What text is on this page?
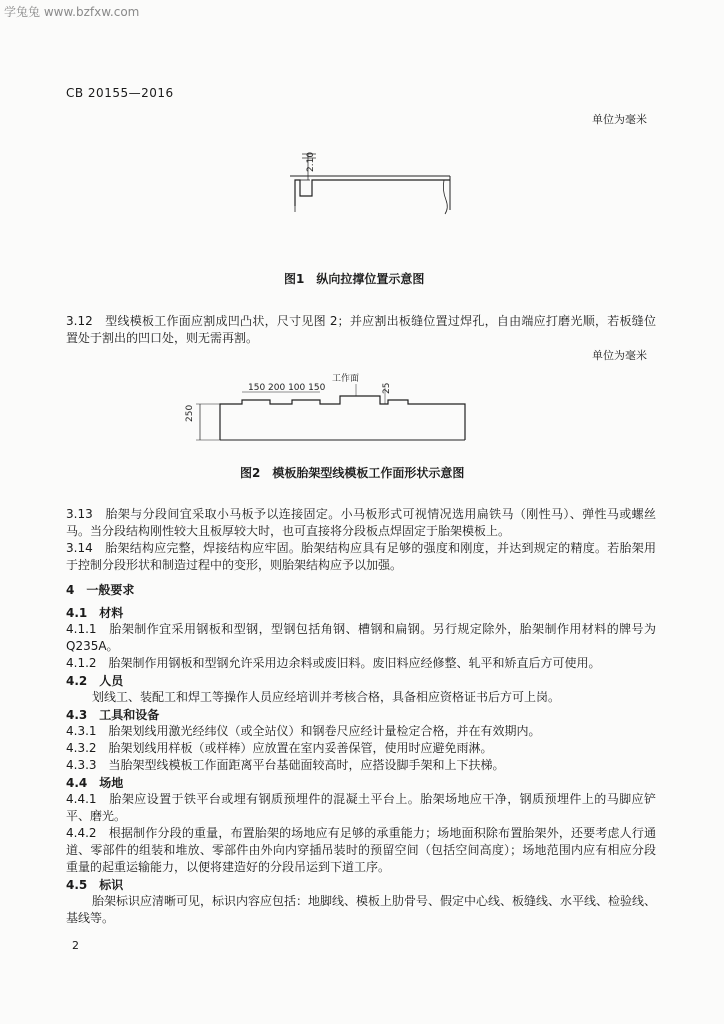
学兔兔 www.bzfxw.com
CB 20155—2016
单位为毫米
2.10
图1　纵向拉撑位置示意图
3.12　型线模板工作面应割成凹凸状，尺寸见图 2；并应割出板缝位置过焊孔，自由端应打磨光顺，若板缝位置处于割出的凹口处，则无需再割。
单位为毫米
150 200 100 150
工作面
25
250
图2　模板胎架型线模板工作面形状示意图
3.13　胎架与分段间宜采取小马板予以连接固定。小马板形式可视情况选用扁铁马（刚性马）、弹性马或螺丝马。当分段结构刚性较大且板厚较大时，也可直接将分段板点焊固定于胎架模板上。
3.14　胎架结构应完整，焊接结构应牢固。胎架结构应具有足够的强度和刚度，并达到规定的精度。若胎架用于控制分段形状和制造过程中的变形，则胎架结构应予以加强。
4　一般要求
4.1　材料
4.1.1　胎架制作宜采用钢板和型钢，型钢包括角钢、槽钢和扁钢。另行规定除外，胎架制作用材料的牌号为 Q235A。
4.1.2　胎架制作用钢板和型钢允许采用边余料或废旧料。废旧料应经修整、轧平和矫直后方可使用。
4.2　人员
划线工、装配工和焊工等操作人员应经培训并考核合格，具备相应资格证书后方可上岗。
4.3　工具和设备
4.3.1　胎架划线用激光经纬仪（或全站仪）和钢卷尺应经计量检定合格，并在有效期内。
4.3.2　胎架划线用样板（或样棒）应放置在室内妥善保管，使用时应避免雨淋。
4.3.3　当胎架型线模板工作面距离平台基础面较高时，应搭设脚手架和上下扶梯。
4.4　场地
4.4.1　胎架应设置于铁平台或埋有钢质预埋件的混凝土平台上。胎架场地应干净，钢质预埋件上的马脚应铲平、磨光。
4.4.2　根据制作分段的重量，布置胎架的场地应有足够的承重能力；场地面积除布置胎架外，还要考虑人行通道、零部件的组装和堆放、零部件由外向内穿插吊装时的预留空间（包括空间高度）；场地范围内应有相应分段重量的起重运输能力，以便将建造好的分段吊运到下道工序。
4.5　标识
胎架标识应清晰可见，标识内容应包括：地脚线、模板上肋骨号、假定中心线、板缝线、水平线、检验线、基线等。
2
